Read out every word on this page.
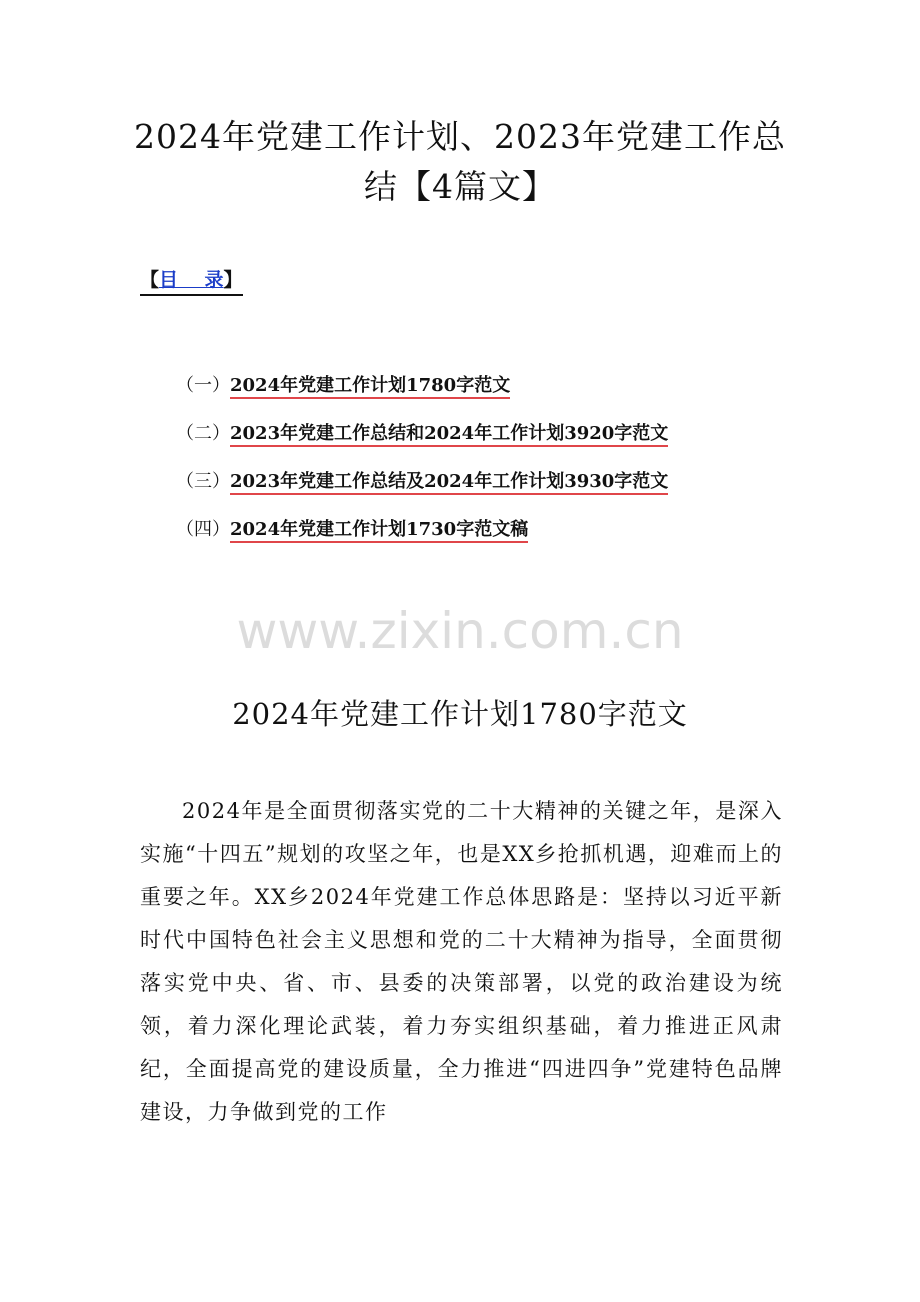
2024年党建工作计划、2023年党建工作总结【4篇文】
【目    录】
（一）2024年党建工作计划1780字范文
（二）2023年党建工作总结和2024年工作计划3920字范文
（三）2023年党建工作总结及2024年工作计划3930字范文
（四）2024年党建工作计划1730字范文稿
www.zixin.com.cn
2024年党建工作计划1780字范文

2024年是全面贯彻落实党的二十大精神的关键之年，是深入实施“十四五”规划的攻坚之年，也是XX乡抢抓机遇，迎难而上的重要之年。XX乡2024年党建工作总体思路是：坚持以习近平新时代中国特色社会主义思想和党的二十大精神为指导，全面贯彻落实党中央、省、市、县委的决策部署，以党的政治建设为统领，着力深化理论武装，着力夯实组织基础，着力推进正风肃纪，全面提高党的建设质量，全力推进“四进四争”党建特色品牌建设，力争做到党的工作
